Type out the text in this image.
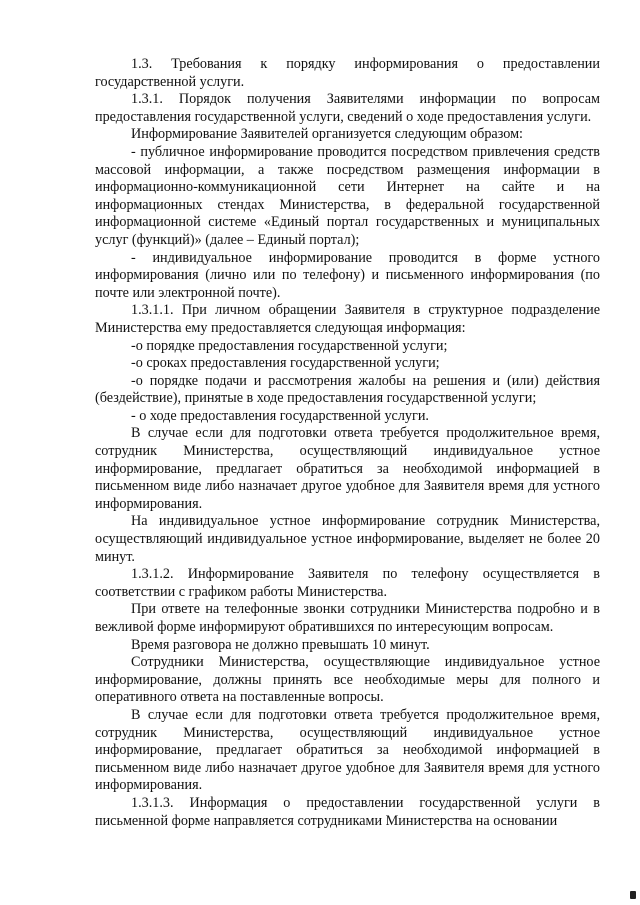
1.3. Требования к порядку информирования о предоставлении государственной услуги.

1.3.1. Порядок получения Заявителями информации по вопросам предоставления государственной услуги, сведений о ходе предоставления услуги.

Информирование Заявителей организуется следующим образом:

- публичное информирование проводится посредством привлечения средств массовой информации, а также посредством размещения информации в информационно-коммуникационной сети Интернет на сайте и на информационных стендах Министерства, в федеральной государственной информационной системе «Единый портал государственных и муниципальных услуг (функций)» (далее – Единый портал);

- индивидуальное информирование проводится в форме устного информирования (лично или по телефону) и письменного информирования (по почте или электронной почте).

1.3.1.1. При личном обращении Заявителя в структурное подразделение Министерства ему предоставляется следующая информация:

-о порядке предоставления государственной услуги;

-о сроках предоставления государственной услуги;

-о порядке подачи и рассмотрения жалобы на решения и (или) действия (бездействие), принятые в ходе предоставления государственной услуги;

- о ходе предоставления государственной услуги.

В случае если для подготовки ответа требуется продолжительное время, сотрудник Министерства, осуществляющий индивидуальное устное информирование, предлагает обратиться за необходимой информацией в письменном виде либо назначает другое удобное для Заявителя время для устного информирования.

На индивидуальное устное информирование сотрудник Министерства, осуществляющий индивидуальное устное информирование, выделяет не более 20 минут.

1.3.1.2. Информирование Заявителя по телефону осуществляется в соответствии с графиком работы Министерства.

При ответе на телефонные звонки сотрудники Министерства подробно и в вежливой форме информируют обратившихся по интересующим вопросам.

Время разговора не должно превышать 10 минут.

Сотрудники Министерства, осуществляющие индивидуальное устное информирование, должны принять все необходимые меры для полного и оперативного ответа на поставленные вопросы.

В случае если для подготовки ответа требуется продолжительное время, сотрудник Министерства, осуществляющий индивидуальное устное информирование, предлагает обратиться за необходимой информацией в письменном виде либо назначает другое удобное для Заявителя время для устного информирования.

1.3.1.3. Информация о предоставлении государственной услуги в письменной форме направляется сотрудниками Министерства на основании
